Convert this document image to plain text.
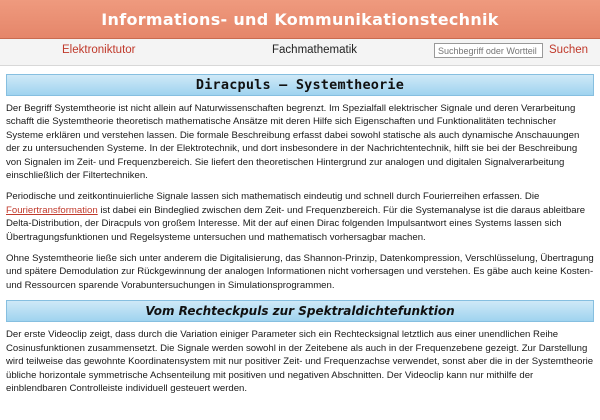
Informations- und Kommunikationstechnik
Elektroniktutor	Fachmathematik
Suchbegriff oder Wortteil	Suchen
Diracpuls – Systemtheorie

Der Begriff Systemtheorie ist nicht allein auf Naturwissenschaften begrenzt. Im Spezialfall elektrischer Signale und deren Verarbeitung schafft die Systemtheorie theoretisch mathematische Ansätze mit deren Hilfe sich Eigenschaften und Funktionalitäten technischer Systeme erklären und verstehen lassen. Die formale Beschreibung erfasst dabei sowohl statische als auch dynamische Anschauungen der zu untersuchenden Systeme. In der Elektrotechnik, und dort insbesondere in der Nachrichtentechnik, hilft sie bei der Beschreibung von Signalen im Zeit- und Frequenzbereich. Sie liefert den theoretischen Hintergrund zur analogen und digitalen Signalverarbeitung einschließlich der Filtertechniken.

Periodische und zeitkontinuierliche Signale lassen sich mathematisch eindeutig und schnell durch Fourierreihen erfassen. Die Fouriertransformation ist dabei ein Bindeglied zwischen dem Zeit- und Frequenzbereich. Für die Systemanalyse ist die daraus ableitbare Delta-Distribution, der Diracpuls von großem Interesse. Mit der auf einen Dirac folgenden Impulsantwort eines Systems lassen sich Übertragungsfunktionen und Regelsysteme untersuchen und mathematisch vorhersagbar machen.

Ohne Systemtheorie ließe sich unter anderem die Digitalisierung, das Shannon-Prinzip, Datenkompression, Verschlüsselung, Übertragung und spätere Demodulation zur Rückgewinnung der analogen Informationen nicht vorhersagen und verstehen. Es gäbe auch keine Kosten- und Ressourcen sparende Vorabuntersuchungen in Simulationsprogrammen.

Vom Rechteckpuls zur Spektraldichtefunktion

Der erste Videoclip zeigt, dass durch die Variation einiger Parameter sich ein Rechtecksignal letztlich aus einer unendlichen Reihe Cosinusfunktionen zusammensetzt. Die Signale werden sowohl in der Zeitebene als auch in der Frequenzebene gezeigt. Zur Darstellung wird teilweise das gewohnte Koordinatensystem mit nur positiver Zeit- und Frequenzachse verwendet, sonst aber die in der Systemtheorie übliche horizontale symmetrische Achsenteilung mit positiven und negativen Abschnitten. Der Videoclip kann nur mithilfe der einblendbaren Controlleiste individuell gesteuert werden.
